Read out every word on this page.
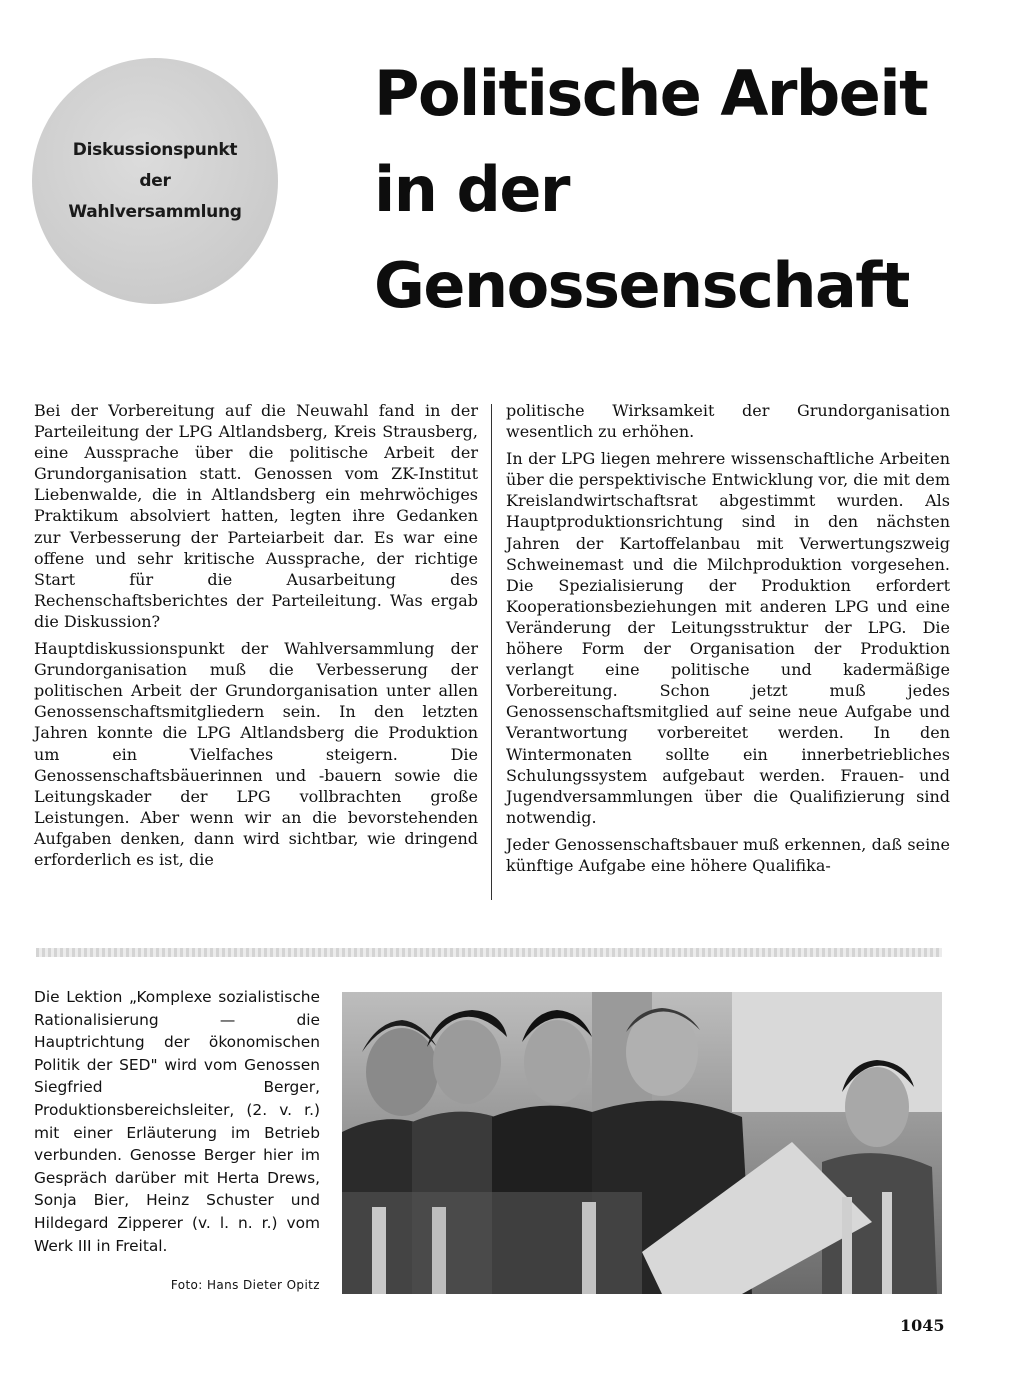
Diskussionspunkt
der
Wahlversammlung
Politische Arbeit
in der
Genossenschaft

Bei der Vorbereitung auf die Neuwahl fand in der Parteileitung der LPG Altlandsberg, Kreis Strausberg, eine Aussprache über die politische Arbeit der Grundorganisation statt. Genossen vom ZK-Institut Liebenwalde, die in Altlandsberg ein mehrwöchiges Praktikum absolviert hatten, legten ihre Gedanken zur Verbesserung der Parteiarbeit dar. Es war eine offene und sehr kritische Aussprache, der richtige Start für die Ausarbeitung des Rechenschaftsberichtes der Parteileitung. Was ergab die Diskussion?

Hauptdiskussionspunkt der Wahlversammlung der Grundorganisation muß die Verbesserung der politischen Arbeit der Grundorganisation unter allen Genossenschaftsmitgliedern sein. In den letzten Jahren konnte die LPG Altlandsberg die Produktion um ein Vielfaches steigern. Die Genossenschaftsbäuerinnen und -bauern sowie die Leitungskader der LPG vollbrachten große Leistungen. Aber wenn wir an die bevorstehenden Aufgaben denken, dann wird sichtbar, wie dringend erforderlich es ist, die

politische Wirksamkeit der Grundorganisation wesentlich zu erhöhen.

In der LPG liegen mehrere wissenschaftliche Arbeiten über die perspektivische Entwicklung vor, die mit dem Kreislandwirtschaftsrat abgestimmt wurden. Als Hauptproduktionsrichtung sind in den nächsten Jahren der Kartoffelanbau mit Verwertungszweig Schweinemast und die Milchproduktion vorgesehen. Die Spezialisierung der Produktion erfordert Kooperationsbeziehungen mit anderen LPG und eine Veränderung der Leitungsstruktur der LPG. Die höhere Form der Organisation der Produktion verlangt eine politische und kadermäßige Vorbereitung. Schon jetzt muß jedes Genossenschaftsmitglied auf seine neue Aufgabe und Verantwortung vorbereitet werden. In den Wintermonaten sollte ein innerbetriebliches Schulungssystem aufgebaut werden. Frauen- und Jugendversammlungen über die Qualifizierung sind notwendig.

Jeder Genossenschaftsbauer muß erkennen, daß seine künftige Aufgabe eine höhere Qualifika-

Die Lektion „Komplexe sozialistische Rationalisierung — die Hauptrichtung der ökonomischen Politik der SED" wird vom Genossen Siegfried Berger, Produktionsbereichsleiter, (2. v. r.) mit einer Erläuterung im Betrieb verbunden. Genosse Berger hier im Gespräch darüber mit Herta Drews, Sonja Bier, Heinz Schuster und Hildegard Zipperer (v. l. n. r.) vom Werk III in Freital.
Foto: Hans Dieter Opitz
1045
